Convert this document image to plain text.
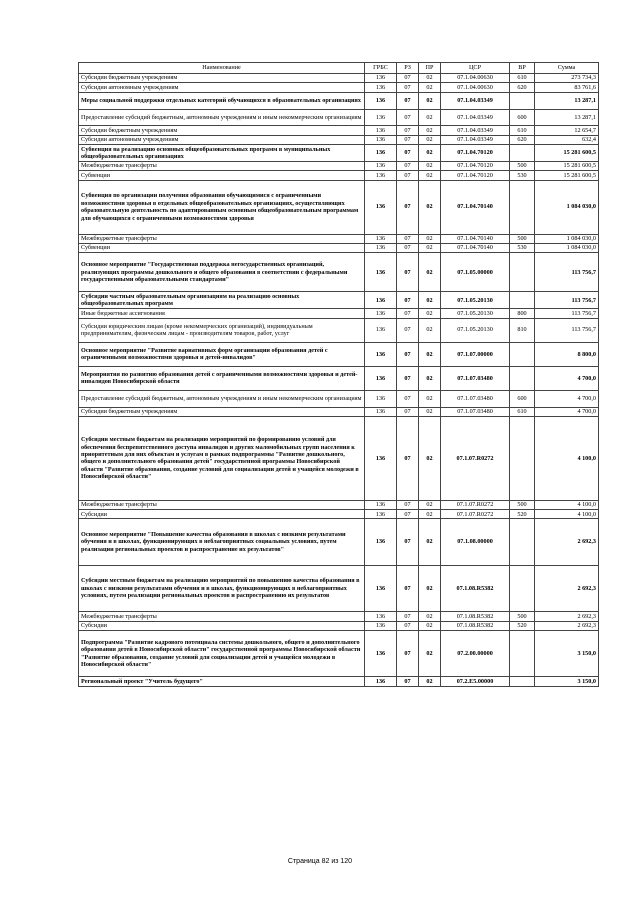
Наименование	ГРБС	РЗ	ПР	ЦСР	ВР	Сумма
Субсидии бюджетным учреждениям	136	07	02	07.1.04.00630	610	273 734,3
Субсидии автономным учреждениям	136	07	02	07.1.04.00630	620	83 761,6
Меры социальной поддержки отдельных категорий обучающихся в образовательных организациях	136	07	02	07.1.04.03349		13 287,1
Предоставление субсидий бюджетным, автономным учреждениям и иным некоммерческим организациям	136	07	02	07.1.04.03349	600	13 287,1
Субсидии бюджетным учреждениям	136	07	02	07.1.04.03349	610	12 654,7
Субсидии автономным учреждениям	136	07	02	07.1.04.03349	620	632,4
Субвенция на реализацию основных общеобразовательных программ в муниципальных общеобразовательных организациях	136	07	02	07.1.04.70120		15 281 600,5
Межбюджетные трансферты	136	07	02	07.1.04.70120	500	15 281 600,5
Субвенции	136	07	02	07.1.04.70120	530	15 281 600,5
Субвенция по организации получения образования обучающимися с ограниченными возможностями здоровья в отдельных общеобразовательных организациях, осуществляющих образовательную деятельность по адаптированным основным общеобразовательным программам для обучающихся с ограниченными возможностями здоровья	136	07	02	07.1.04.70140		1 084 030,0
Межбюджетные трансферты	136	07	02	07.1.04.70140	500	1 084 030,0
Субвенции	136	07	02	07.1.04.70140	530	1 084 030,0
Основное мероприятие "Государственная поддержка негосударственных организаций, реализующих программы дошкольного и общего образования в соответствии с федеральными государственными образовательными стандартами"	136	07	02	07.1.05.00000		113 756,7
Субсидии частным образовательным организациям на реализацию основных общеобразовательных программ	136	07	02	07.1.05.20130		113 756,7
Иные бюджетные ассигнования	136	07	02	07.1.05.20130	800	113 756,7
Субсидии юридическим лицам (кроме некоммерческих организаций), индивидуальным предпринимателям, физическим лицам - производителям товаров, работ, услуг	136	07	02	07.1.05.20130	810	113 756,7
Основное мероприятие "Развитие вариативных форм организации образования детей с ограниченными возможностями здоровья и детей-инвалидов"	136	07	02	07.1.07.00000		8 800,0
Мероприятия по развитию образования детей с ограниченными возможностями здоровья и детей-инвалидов Новосибирской области	136	07	02	07.1.07.03480		4 700,0
Предоставление субсидий бюджетным, автономным учреждениям и иным некоммерческим организациям	136	07	02	07.1.07.03480	600	4 700,0
Субсидии бюджетным учреждениям	136	07	02	07.1.07.03480	610	4 700,0
Субсидии местным бюджетам на реализацию мероприятий по формированию условий для обеспечения беспрепятственного доступа инвалидов и других маломобильных групп населения к приоритетным для них объектам и услугам в рамках подпрограммы "Развитие дошкольного, общего и дополнительного образования детей" государственной программы Новосибирской области "Развитие образования, создание условий для социализации детей и учащейся молодежи в Новосибирской области"	136	07	02	07.1.07.R0272		4 100,0
Межбюджетные трансферты	136	07	02	07.1.07.R0272	500	4 100,0
Субсидии	136	07	02	07.1.07.R0272	520	4 100,0
Основное мероприятие "Повышение качества образования в школах с низкими результатами обучения и в школах, функционирующих в неблагоприятных социальных условиях, путем реализации региональных проектов и распространение их результатов"	136	07	02	07.1.08.00000		2 692,3
Субсидии местным бюджетам на реализацию мероприятий по повышению качества образования в школах с низкими результатами обучения и в школах, функционирующих в неблагоприятных условиях, путем реализации региональных проектов и распространению их результатов	136	07	02	07.1.08.R5382		2 692,3
Межбюджетные трансферты	136	07	02	07.1.08.R5382	500	2 692,3
Субсидии	136	07	02	07.1.08.R5382	520	2 692,3
Подпрограмма "Развитие кадрового потенциала системы дошкольного, общего и дополнительного образования детей в Новосибирской области" государственной программы Новосибирской области "Развитие образования, создание условий для социализации детей и учащейся молодежи в Новосибирской области"	136	07	02	07.2.00.00000		3 150,0
Региональный проект "Учитель будущего"	136	07	02	07.2.E5.00000		3 150,0
Страница 82 из 120
